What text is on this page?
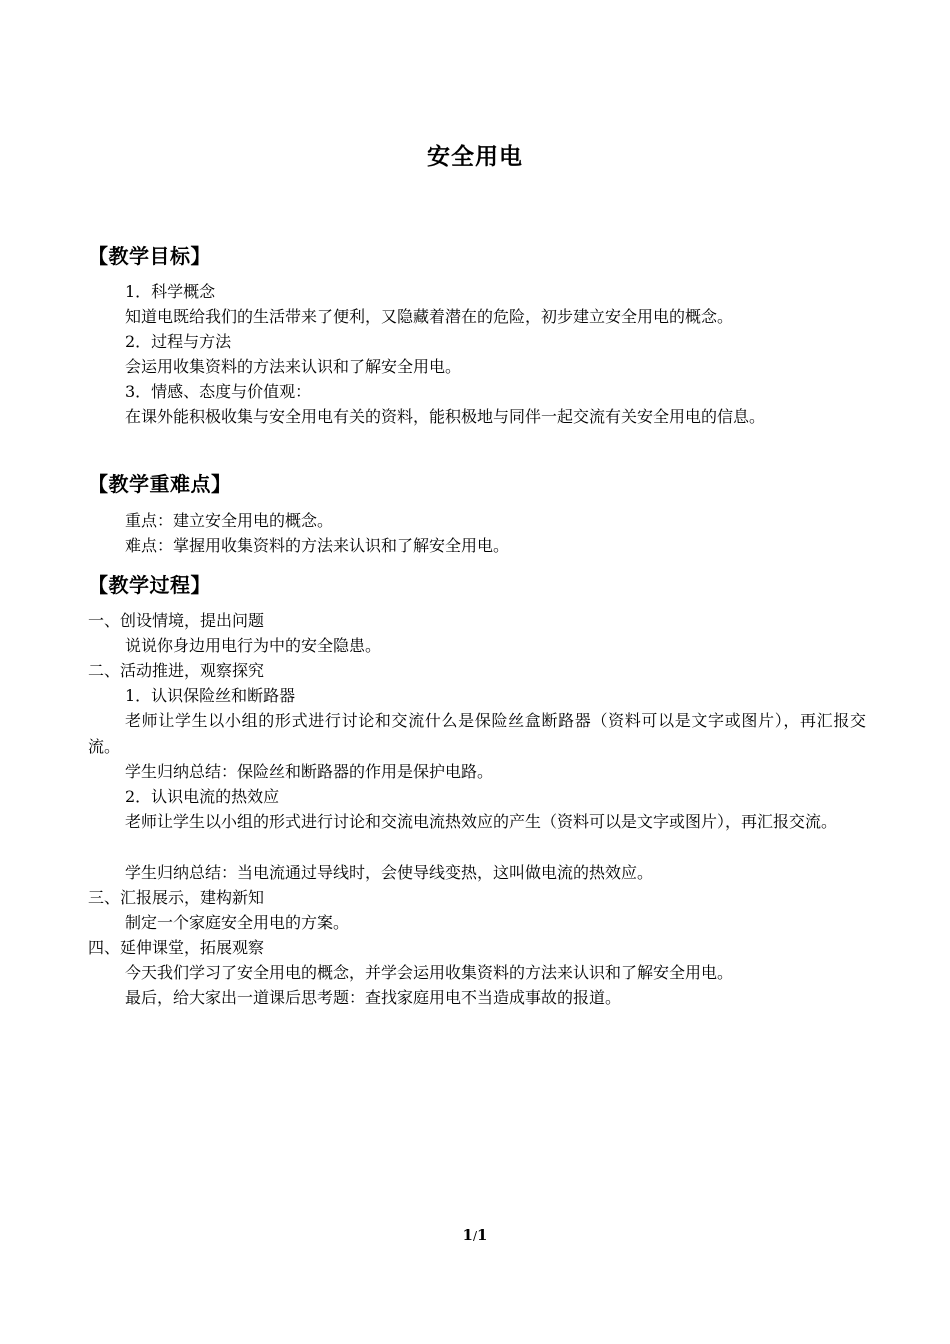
安全用电
【教学目标】
1．科学概念
知道电既给我们的生活带来了便利，又隐藏着潜在的危险，初步建立安全用电的概念。
2．过程与方法
会运用收集资料的方法来认识和了解安全用电。
3．情感、态度与价值观：
在课外能积极收集与安全用电有关的资料，能积极地与同伴一起交流有关安全用电的信息。
【教学重难点】
重点：建立安全用电的概念。
难点：掌握用收集资料的方法来认识和了解安全用电。
【教学过程】
一、创设情境，提出问题
说说你身边用电行为中的安全隐患。
二、活动推进，观察探究
1．认识保险丝和断路器
老师让学生以小组的形式进行讨论和交流什么是保险丝盒断路器（资料可以是文字或图片），再汇报交流。
学生归纳总结：保险丝和断路器的作用是保护电路。
2．认识电流的热效应
老师让学生以小组的形式进行讨论和交流电流热效应的产生（资料可以是文字或图片），再汇报交流。
学生归纳总结：当电流通过导线时，会使导线变热，这叫做电流的热效应。
三、汇报展示，建构新知
制定一个家庭安全用电的方案。
四、延伸课堂，拓展观察
今天我们学习了安全用电的概念，并学会运用收集资料的方法来认识和了解安全用电。
最后，给大家出一道课后思考题：查找家庭用电不当造成事故的报道。
1/1
